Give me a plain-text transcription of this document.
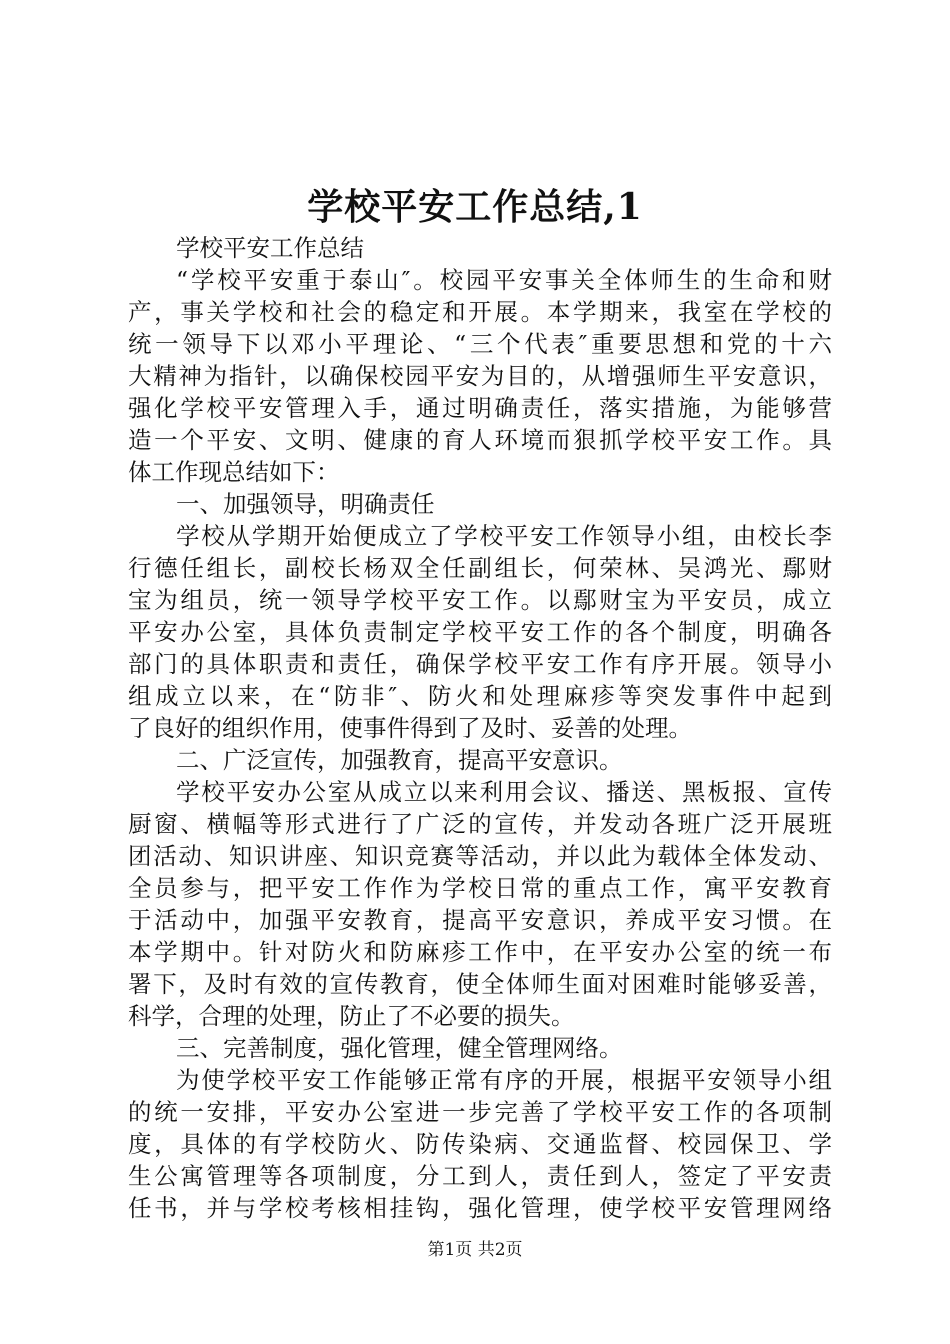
学校平安工作总结,1
学校平安工作总结
“学校平安重于泰山″。校园平安事关全体师生的生命和财
产，事关学校和社会的稳定和开展。本学期来，我室在学校的
统一领导下以邓小平理论、“三个代表″重要思想和党的十六
大精神为指针，以确保校园平安为目的，从增强师生平安意识，
强化学校平安管理入手，通过明确责任，落实措施，为能够营
造一个平安、文明、健康的育人环境而狠抓学校平安工作。具
体工作现总结如下：
一、加强领导，明确责任
学校从学期开始便成立了学校平安工作领导小组，由校长李
行德任组长，副校长杨双全任副组长，何荣林、吴鸿光、鄢财
宝为组员，统一领导学校平安工作。以鄢财宝为平安员，成立
平安办公室，具体负责制定学校平安工作的各个制度，明确各
部门的具体职责和责任，确保学校平安工作有序开展。领导小
组成立以来，在“防非″、防火和处理麻疹等突发事件中起到
了良好的组织作用，使事件得到了及时、妥善的处理。
二、广泛宣传，加强教育，提高平安意识。
学校平安办公室从成立以来利用会议、播送、黑板报、宣传
厨窗、横幅等形式进行了广泛的宣传，并发动各班广泛开展班
团活动、知识讲座、知识竞赛等活动，并以此为载体全体发动、
全员参与，把平安工作作为学校日常的重点工作，寓平安教育
于活动中，加强平安教育，提高平安意识，养成平安习惯。在
本学期中。针对防火和防麻疹工作中，在平安办公室的统一布
署下，及时有效的宣传教育，使全体师生面对困难时能够妥善，
科学，合理的处理，防止了不必要的损失。
三、完善制度，强化管理，健全管理网络。
为使学校平安工作能够正常有序的开展，根据平安领导小组
的统一安排，平安办公室进一步完善了学校平安工作的各项制
度，具体的有学校防火、防传染病、交通监督、校园保卫、学
生公寓管理等各项制度，分工到人，责任到人，签定了平安责
任书，并与学校考核相挂钩，强化管理，使学校平安管理网络
第1页 共2页
